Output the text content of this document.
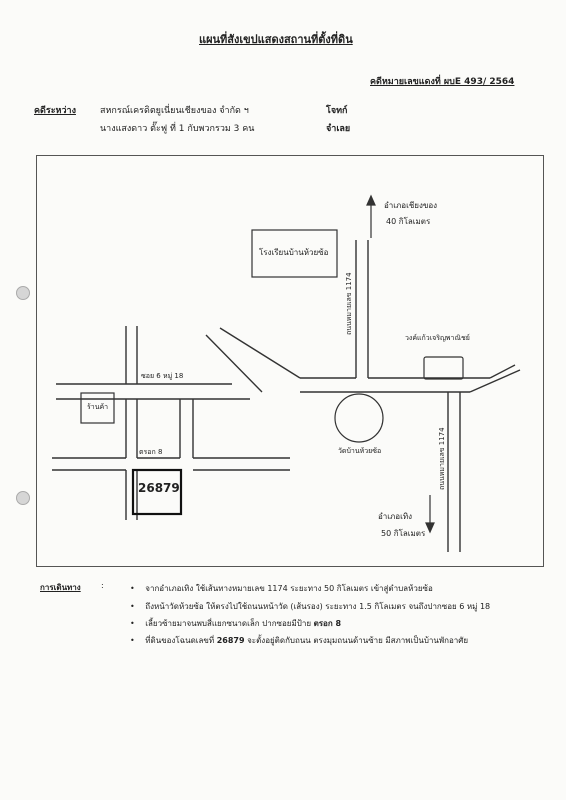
แผนที่สังเขปแสดงสถานที่ตั้งที่ดิน
คดีหมายเลขแดงที่ ผบE 493/ 2564
คดีระหว่าง	สหกรณ์เครดิตยูเนี่ยนเชียงของ จำกัด ฯ	โจทก์
นางแสงดาว ตั๊ะฟู ที่ 1 กับพวกรวม 3 คน	จำเลย
อำเภอเชียงของ
40 กิโลเมตร
โรงเรียนบ้านห้วยซ้อ
ถนนหมายเลข 1174
ซอย 6 หมู่ 18
ร้านค้า
ตรอก 8
26879
วัดบ้านห้วยซ้อ
วงค์แก้วเจริญพาณิชย์
ถนนหมายเลข 1174
อำเภอเทิง
50 กิโลเมตร
การเดินทาง	:	• จากอำเภอเทิง ใช้เส้นทางหมายเลข 1174 ระยะทาง 50 กิโลเมตร เข้าสู่ตำบลห้วยซ้อ
• ถึงหน้าวัดห้วยซ้อ ให้ตรงไปใช้ถนนหน้าวัด (เส้นรอง) ระยะทาง 1.5 กิโลเมตร จนถึงปากซอย 6 หมู่ 18
• เลี้ยวซ้ายมาจนพบสี่แยกซนาดเล็ก ปากซอยมีป้าย ตรอก 8
• ที่ดินของโฉนดเลขที่ 26879 จะตั้งอยู่ติดกับถนน ตรงมุมถนนด้านซ้าย มีสภาพเป็นบ้านพักอาศัย
